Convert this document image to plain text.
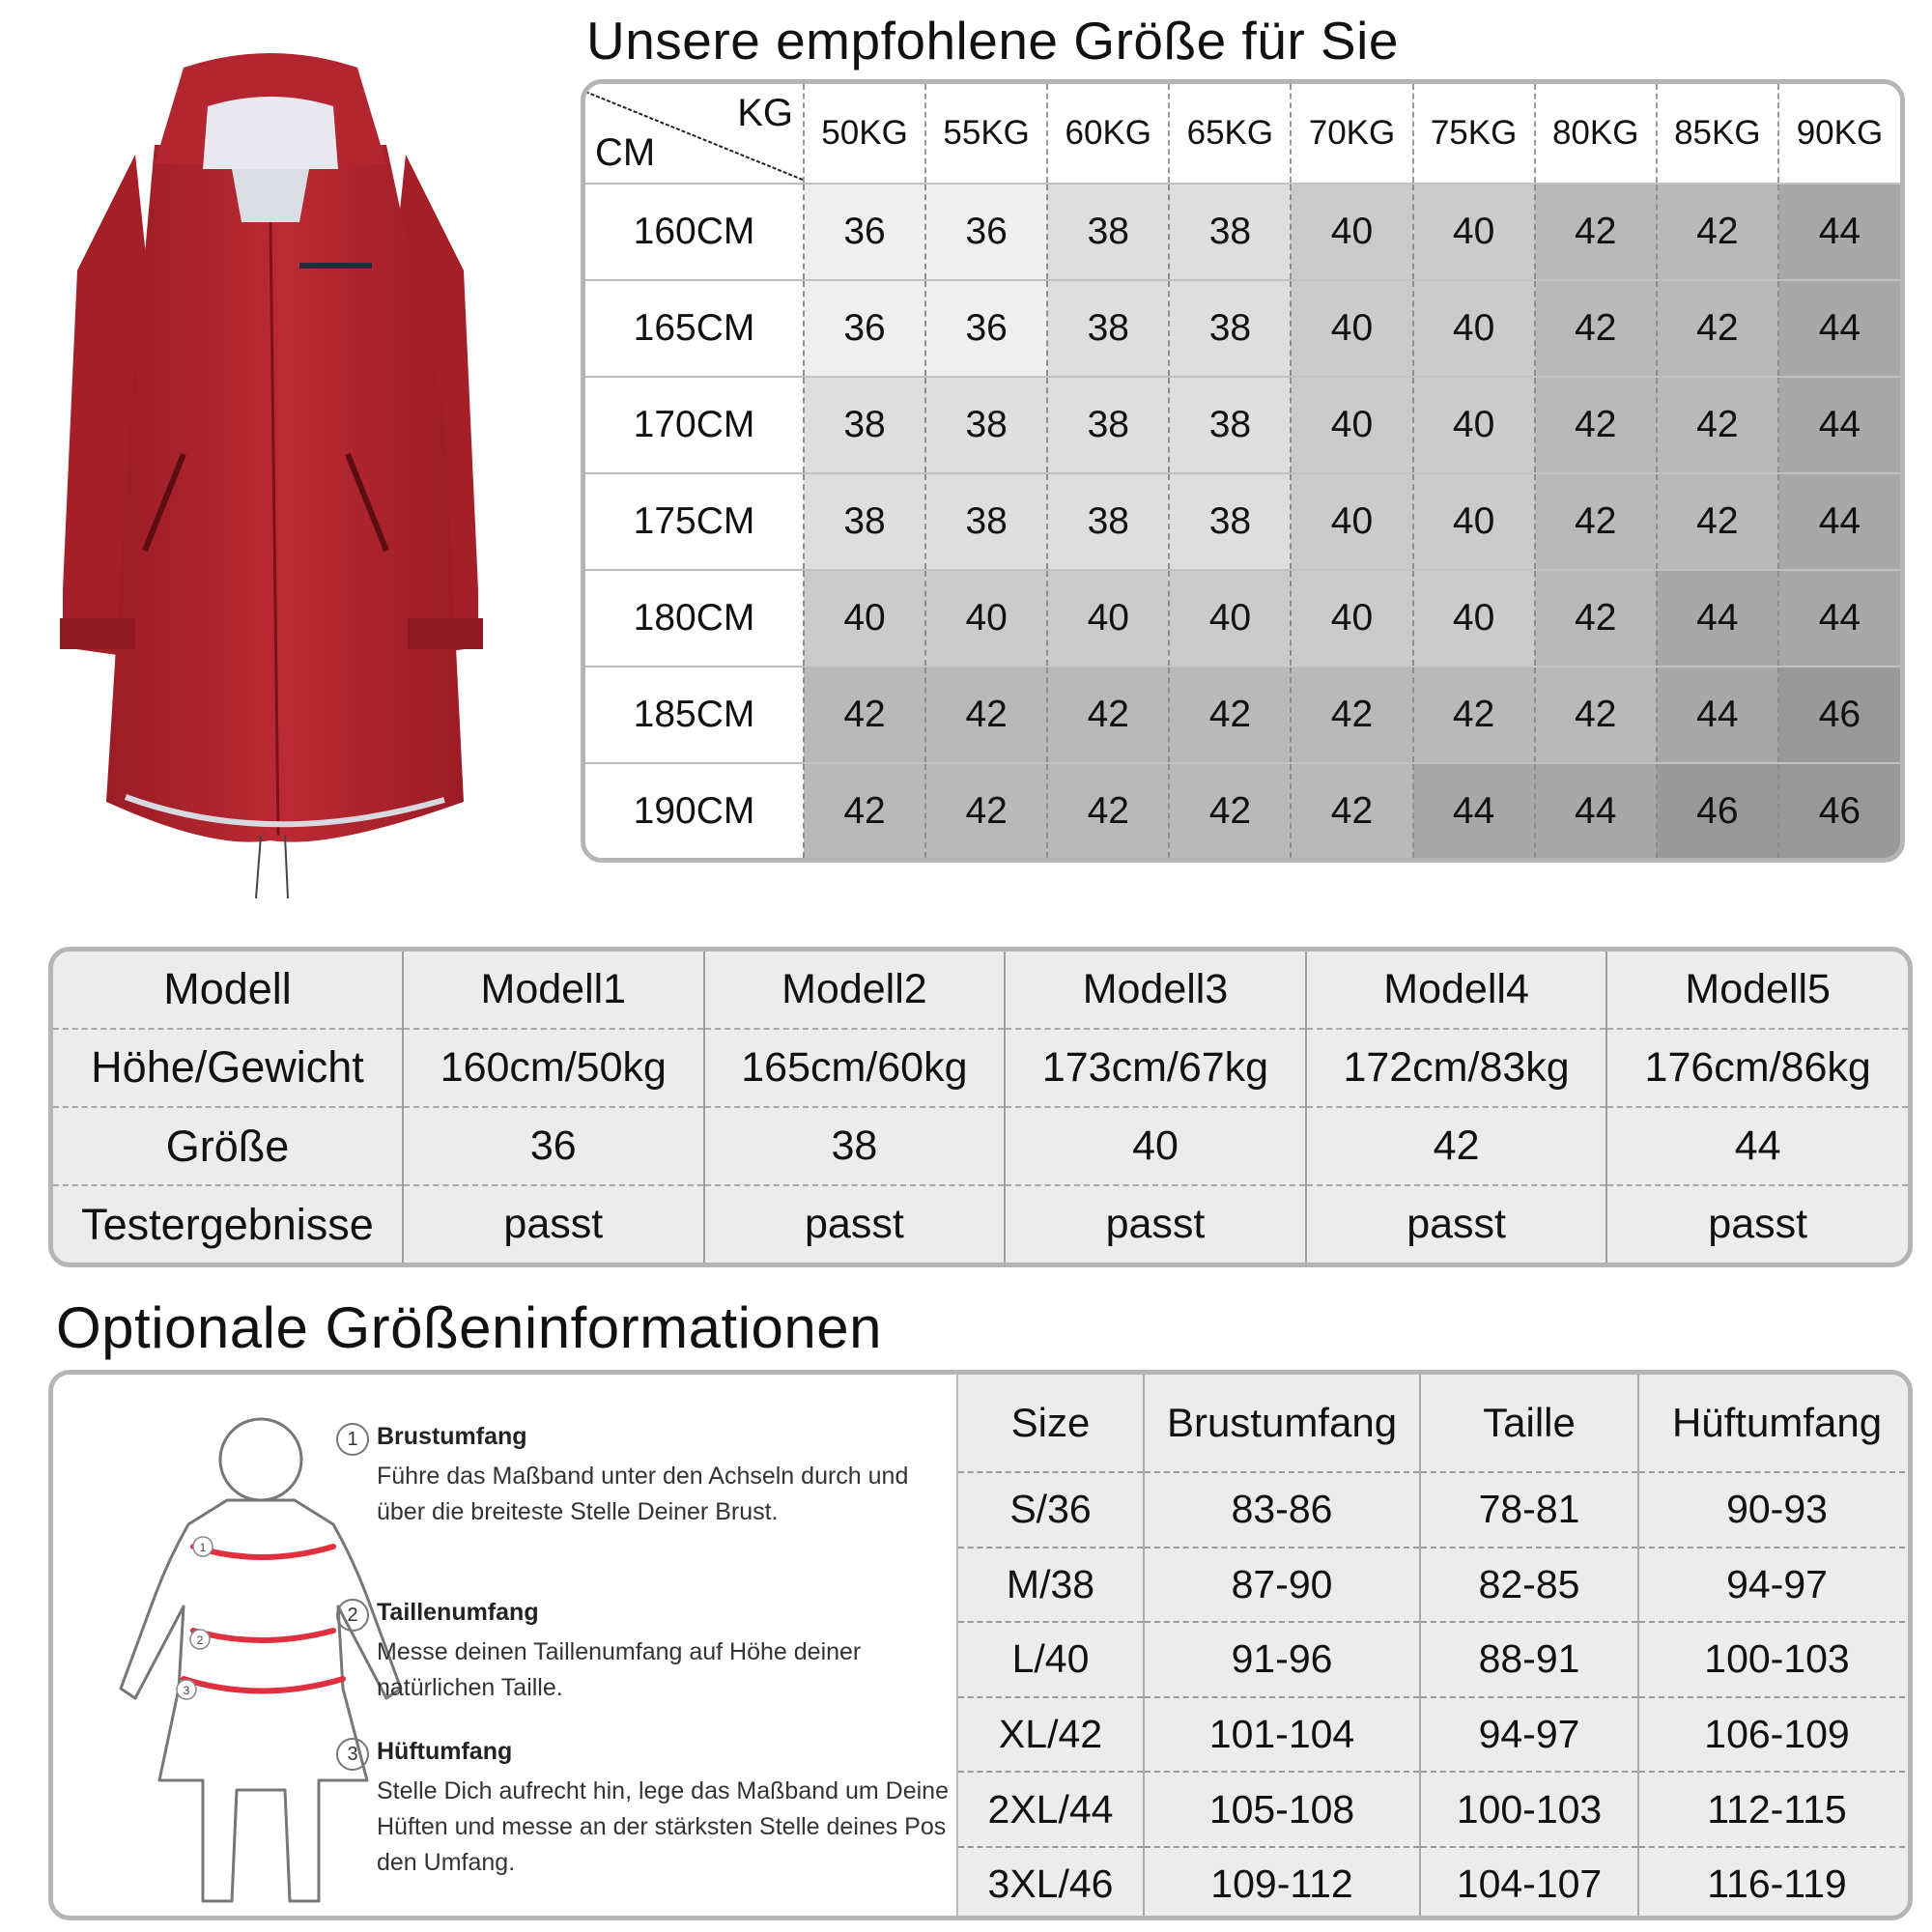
Unsere empfohlene Größe für Sie
KG
CM	50KG	55KG	60KG	65KG	70KG	75KG	80KG	85KG	90KG
160CM	36	36	38	38	40	40	42	42	44
165CM	36	36	38	38	40	40	42	42	44
170CM	38	38	38	38	40	40	42	42	44
175CM	38	38	38	38	40	40	42	42	44
180CM	40	40	40	40	40	40	42	44	44
185CM	42	42	42	42	42	42	42	44	46
190CM	42	42	42	42	42	44	44	46	46
Modell	Modell1	Modell2	Modell3	Modell4	Modell5
Höhe/Gewicht	160cm/50kg	165cm/60kg	173cm/67kg	172cm/83kg	176cm/86kg
Größe	36	38	40	42	44
Testergebnisse	passt	passt	passt	passt	passt
Optionale Größeninformationen
1
2
3
1 Brustumfang
Führe das Maßband unter den Achseln durch und über die breiteste Stelle Deiner Brust.
2 Taillenumfang
Messe deinen Taillenumfang auf Höhe deiner natürlichen Taille.
3 Hüftumfang
Stelle Dich aufrecht hin, lege das Maßband um Deine Hüften und messe an der stärksten Stelle deines Pos den Umfang.
Size	Brustumfang	Taille	Hüftumfang
S/36	83-86	78-81	90-93
M/38	87-90	82-85	94-97
L/40	91-96	88-91	100-103
XL/42	101-104	94-97	106-109
2XL/44	105-108	100-103	112-115
3XL/46	109-112	104-107	116-119
